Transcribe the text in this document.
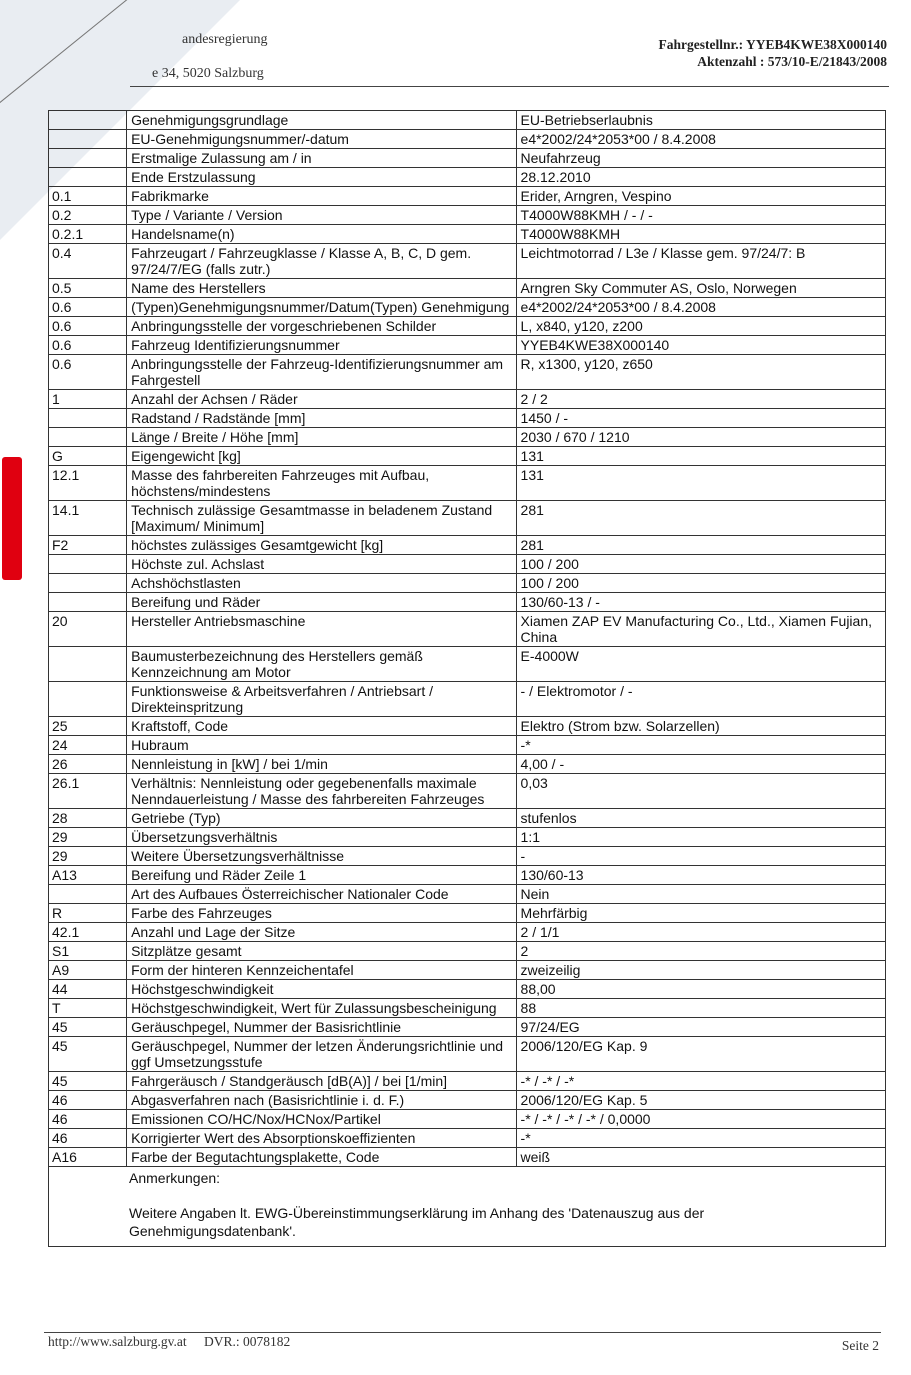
andesregierung
e 34, 5020 Salzburg
Fahrgestellnr.: YYEB4KWE38X000140
Aktenzahl : 573/10-E/21843/2008
	Genehmigungsgrundlage	EU-Betriebserlaubnis
	EU-Genehmigungsnummer/-datum	e4*2002/24*2053*00 / 8.4.2008
	Erstmalige Zulassung am / in	Neufahrzeug
	Ende Erstzulassung	28.12.2010
0.1	Fabrikmarke	Erider, Arngren, Vespino
0.2	Type / Variante / Version	T4000W88KMH / - / -
0.2.1	Handelsname(n)	T4000W88KMH
0.4	Fahrzeugart / Fahrzeugklasse / Klasse A, B, C, D gem. 97/24/7/EG (falls zutr.)	Leichtmotorrad / L3e / Klasse gem. 97/24/7: B
0.5	Name des Herstellers	Arngren Sky Commuter AS, Oslo, Norwegen
0.6	(Typen)Genehmigungsnummer/Datum(Typen) Genehmigung	e4*2002/24*2053*00 / 8.4.2008
0.6	Anbringungsstelle der vorgeschriebenen Schilder	L, x840, y120, z200
0.6	Fahrzeug Identifizierungsnummer	YYEB4KWE38X000140
0.6	Anbringungsstelle der Fahrzeug-Identifizierungsnummer am Fahrgestell	R, x1300, y120, z650
1	Anzahl der Achsen / Räder	2 / 2
	Radstand / Radstände [mm]	1450 / -
	Länge / Breite / Höhe [mm]	2030 / 670 / 1210
G	Eigengewicht [kg]	131
12.1	Masse des fahrbereiten Fahrzeuges mit Aufbau, höchstens/mindestens	131
14.1	Technisch zulässige Gesamtmasse in beladenem Zustand [Maximum/ Minimum]	281
F2	höchstes zulässiges Gesamtgewicht [kg]	281
	Höchste zul. Achslast	100 / 200
	Achshöchstlasten	100 / 200
	Bereifung und Räder	130/60-13 / -
20	Hersteller Antriebsmaschine	Xiamen ZAP EV Manufacturing Co., Ltd., Xiamen Fujian, China
	Baumusterbezeichnung des Herstellers gemäß Kennzeichnung am Motor	E-4000W
	Funktionsweise & Arbeitsverfahren / Antriebsart / Direkteinspritzung	- / Elektromotor / -
25	Kraftstoff, Code	Elektro (Strom bzw. Solarzellen)
24	Hubraum	-*
26	Nennleistung in [kW] / bei 1/min	4,00 / -
26.1	Verhältnis: Nennleistung oder gegebenenfalls maximale Nenndauerleistung / Masse des fahrbereiten Fahrzeuges	0,03
28	Getriebe (Typ)	stufenlos
29	Übersetzungsverhältnis	1:1
29	Weitere Übersetzungsverhältnisse	-
A13	Bereifung und Räder Zeile 1	130/60-13
	Art des Aufbaues Österreichischer Nationaler Code	Nein
R	Farbe des Fahrzeuges	Mehrfärbig
42.1	Anzahl und Lage der Sitze	2 / 1/1
S1	Sitzplätze gesamt	2
A9	Form der hinteren Kennzeichentafel	zweizeilig
44	Höchstgeschwindigkeit	88,00
T	Höchstgeschwindigkeit, Wert für Zulassungsbescheinigung	88
45	Geräuschpegel, Nummer der Basisrichtlinie	97/24/EG
45	Geräuschpegel, Nummer der letzen Änderungsrichtlinie und ggf Umsetzungsstufe	2006/120/EG Kap. 9
45	Fahrgeräusch / Standgeräusch [dB(A)] / bei [1/min]	-* / -* / -*
46	Abgasverfahren nach (Basisrichtlinie i. d. F.)	2006/120/EG Kap. 5
46	Emissionen CO/HC/Nox/HCNox/Partikel	-* / -* / -* / -* / 0,0000
46	Korrigierter Wert des Absorptionskoeffizienten	-*
A16	Farbe der Begutachtungsplakette, Code	weiß

Anmerkungen:
Weitere Angaben lt. EWG-Übereinstimmungserklärung im Anhang des 'Datenauszug aus der Genehmigungsdatenbank'.		
http://www.salzburg.gv.at DVR.: 0078182	Seite 2
